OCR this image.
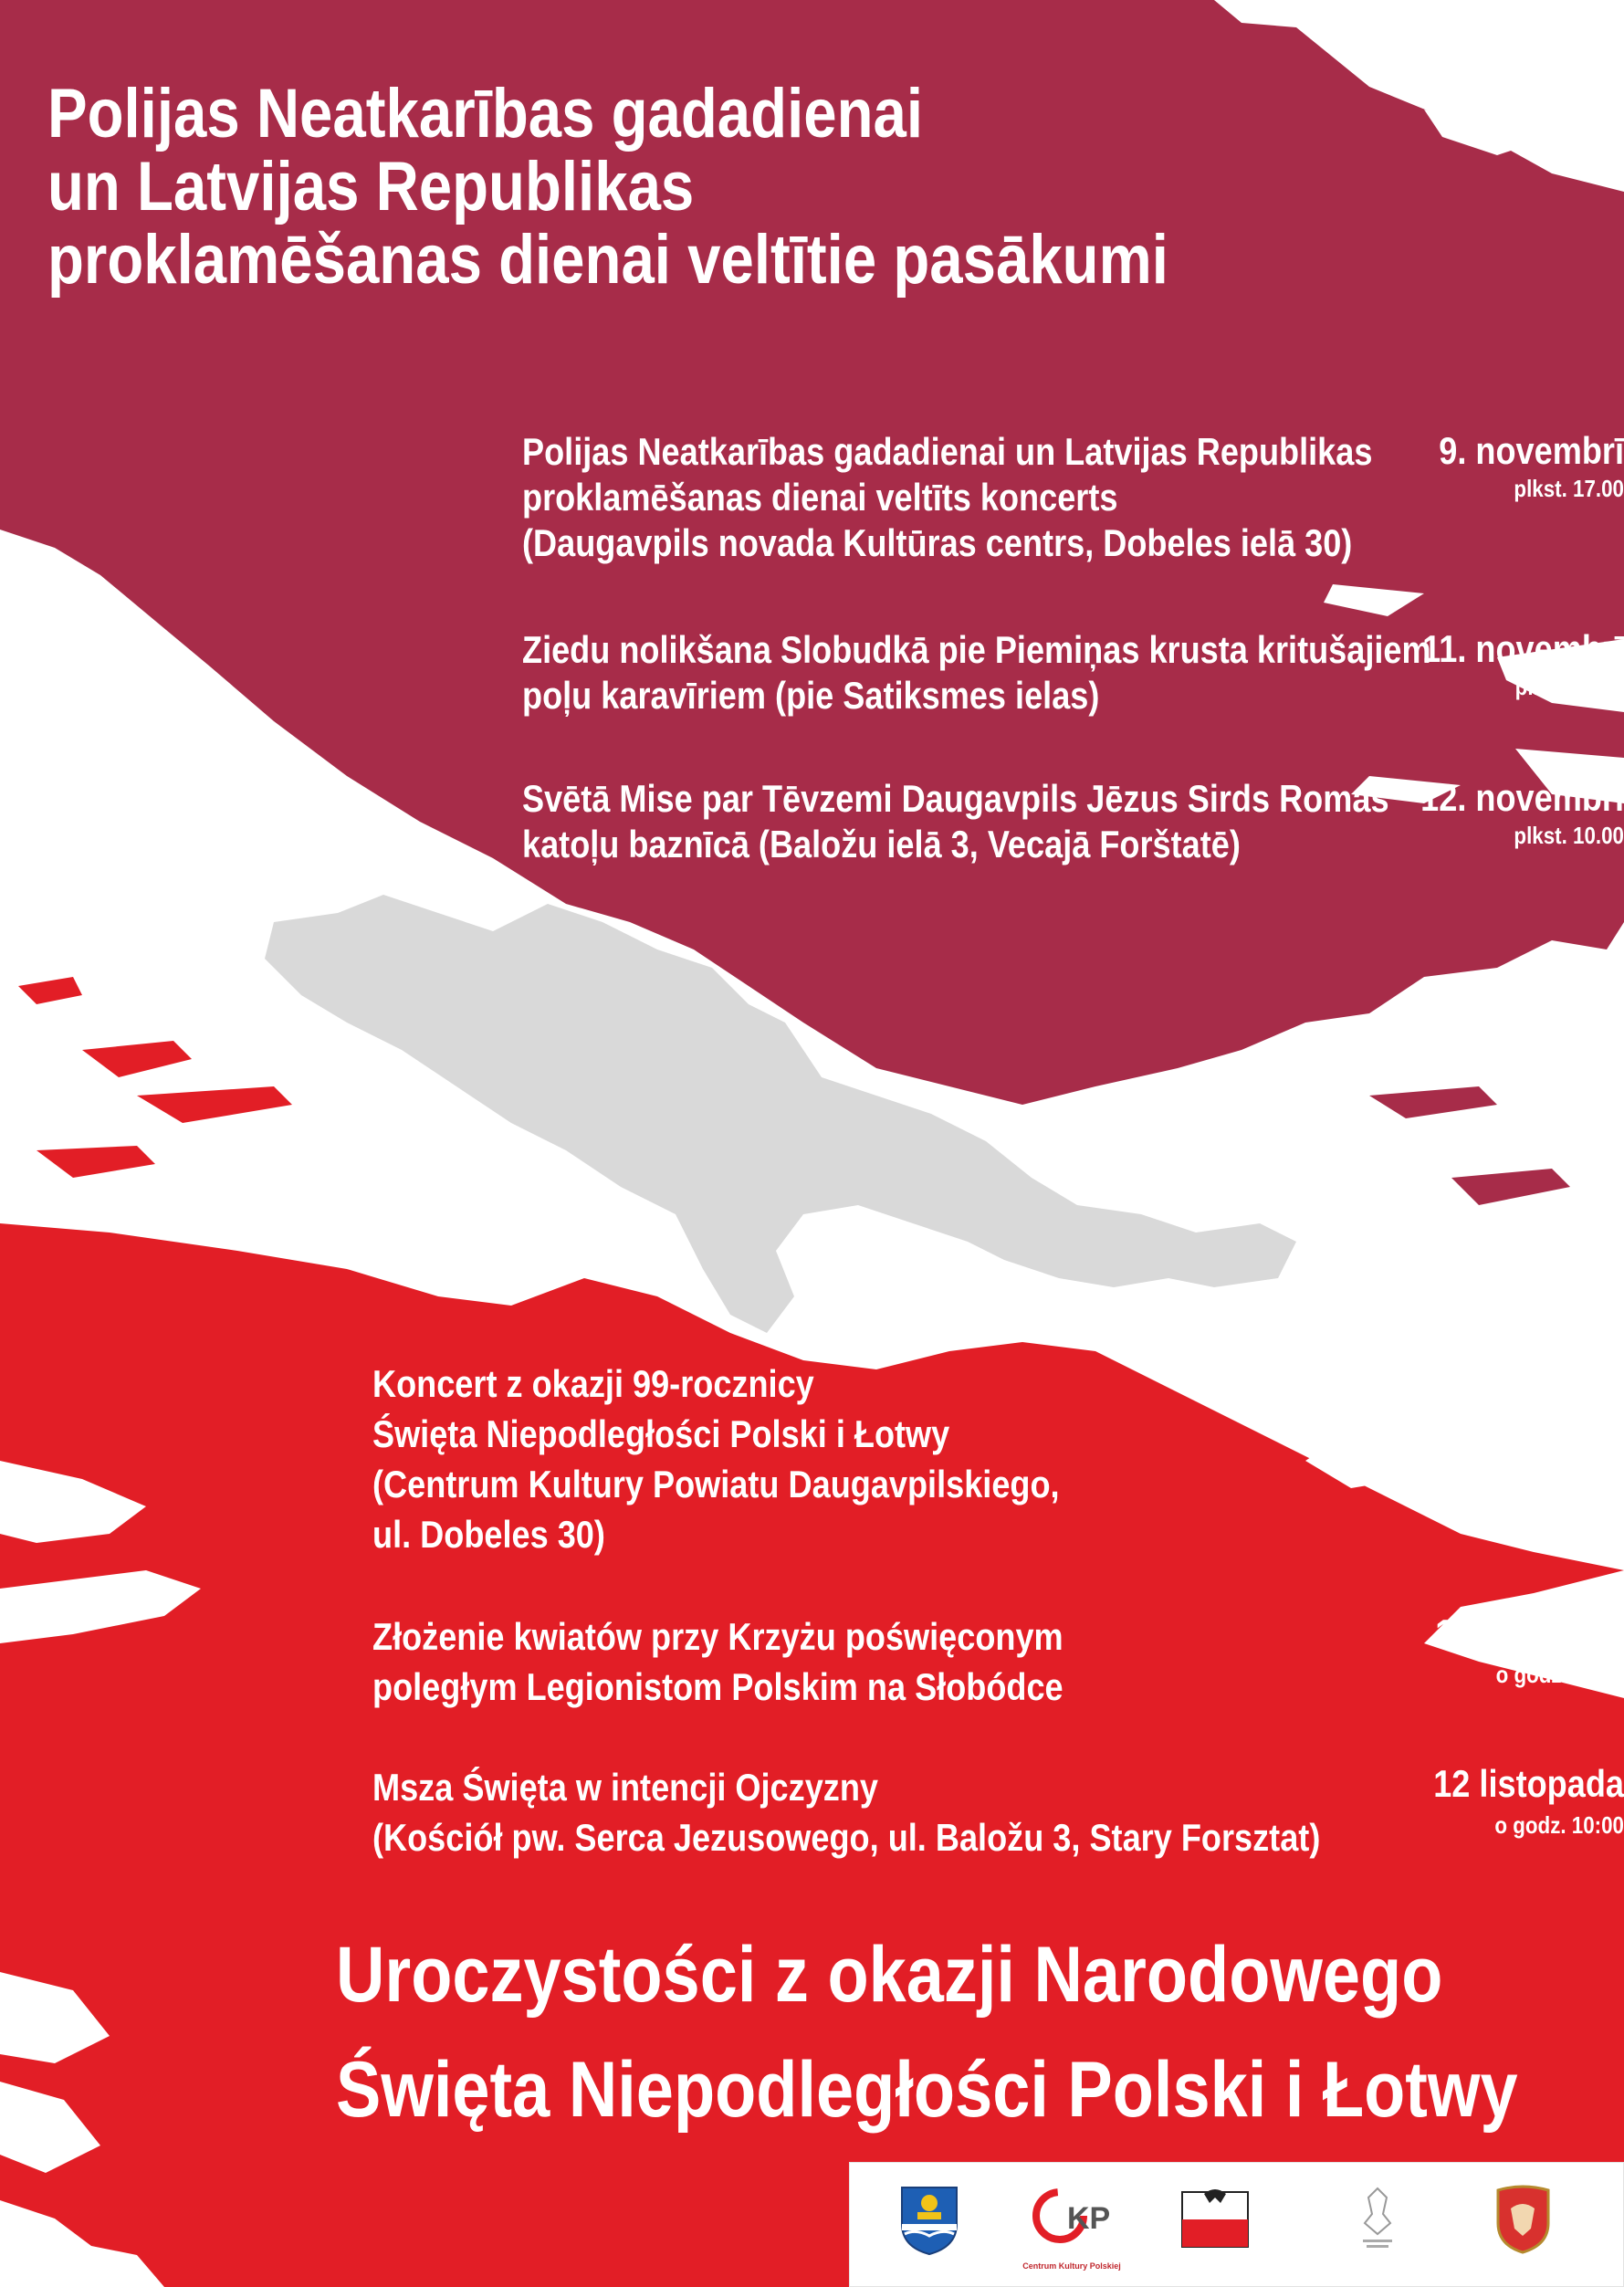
Polijas Neatkarības gadadienai
un Latvijas Republikas
proklamēšanas dienai veltītie pasākumi
9. novembrī
plkst. 17.00
Polijas Neatkarības gadadienai un Latvijas Republikas
proklamēšanas dienai veltīts koncerts
(Daugavpils novada Kultūras centrs, Dobeles ielā 30)
11. novembrī
plkst. 11.00
Ziedu nolikšana Slobudkā pie Piemiņas krusta kritušajiem
poļu karavīriem (pie Satiksmes ielas)
12. novembrī
plkst. 10.00
Svētā Mise par Tēvzemi Daugavpils Jēzus Sirds Romas
katoļu baznīcā (Baložu ielā 3, Vecajā Forštatē)
9 listopada
o godz. 17:00
Koncert z okazji 99-rocznicy
Święta Niepodległości Polski i Łotwy
(Centrum Kultury Powiatu Daugavpilskiego,
ul. Dobeles 30)
11 listopada
o godz. 11:00
Złożenie kwiatów przy Krzyżu poświęconym
poległym Legionistom Polskim na Słobódce
12 listopada
o godz. 10:00
Msza Święta w intencji Ojczyzny
(Kościół pw. Serca Jezusowego, ul. Baložu 3, Stary Forsztat)
Uroczystości z okazji Narodowego
Święta Niepodległości Polski i Łotwy
KP
Centrum Kultury Polskiej
